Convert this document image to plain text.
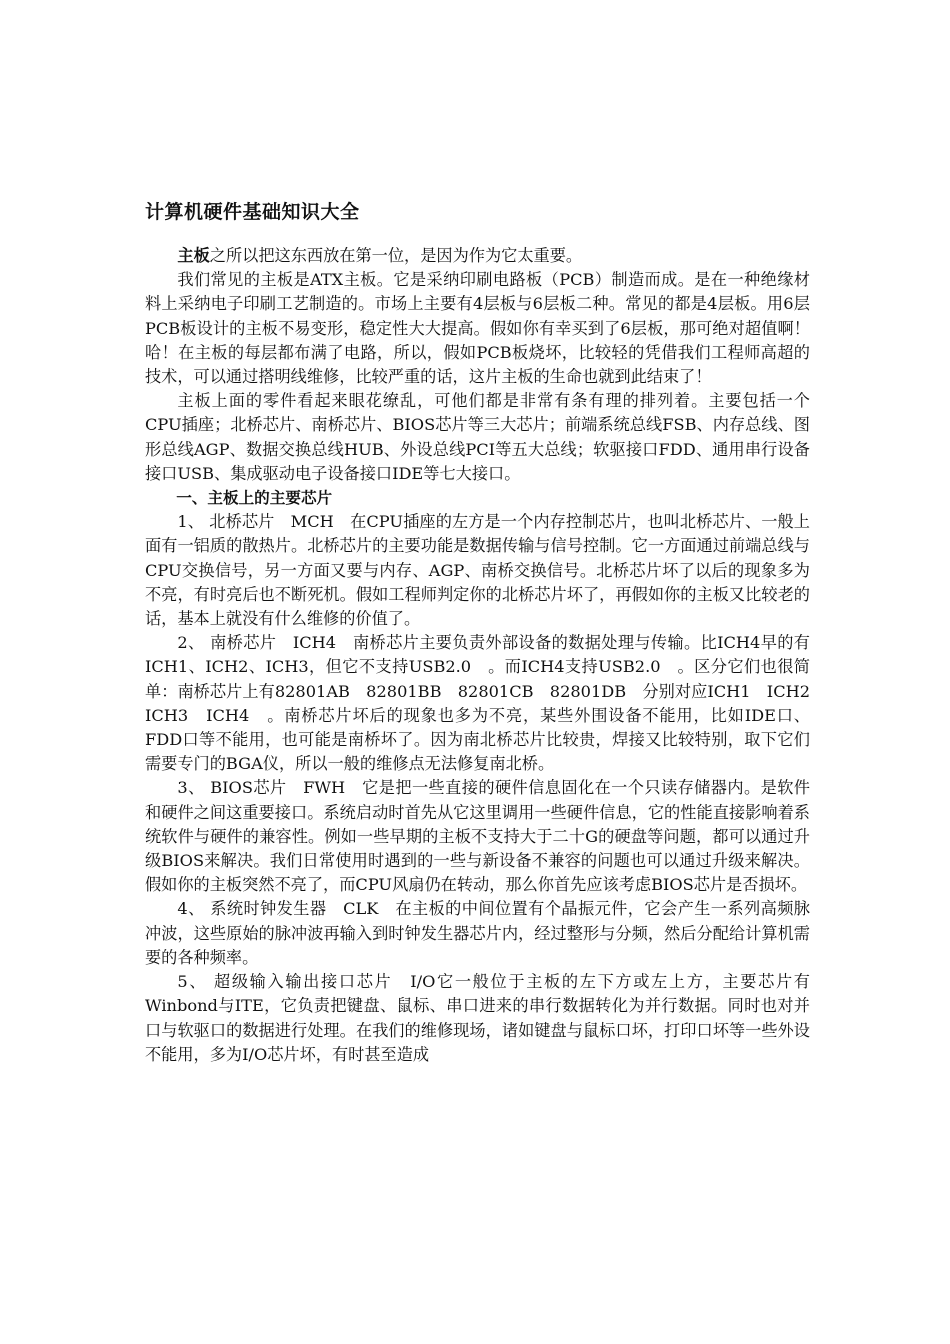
计算机硬件基础知识大全

主板之所以把这东西放在第一位，是因为作为它太重要。

我们常见的主板是ATX主板。它是采纳印刷电路板（PCB）制造而成。是在一种绝缘材料上采纳电子印刷工艺制造的。市场上主要有4层板与6层板二种。常见的都是4层板。用6层PCB板设计的主板不易变形，稳定性大大提高。假如你有幸买到了6层板，那可绝对超值啊！哈！在主板的每层都布满了电路，所以，假如PCB板烧坏，比较轻的凭借我们工程师高超的技术，可以通过搭明线维修，比较严重的话，这片主板的生命也就到此结束了！

主板上面的零件看起来眼花缭乱，可他们都是非常有条有理的排列着。主要包括一个CPU插座；北桥芯片、南桥芯片、BIOS芯片等三大芯片；前端系统总线FSB、内存总线、图形总线AGP、数据交换总线HUB、外设总线PCI等五大总线；软驱接口FDD、通用串行设备接口USB、集成驱动电子设备接口IDE等七大接口。

一、主板上的主要芯片

1、 北桥芯片　MCH　在CPU插座的左方是一个内存控制芯片，也叫北桥芯片、一般上面有一铝质的散热片。北桥芯片的主要功能是数据传输与信号控制。它一方面通过前端总线与CPU交换信号，另一方面又要与内存、AGP、南桥交换信号。北桥芯片坏了以后的现象多为不亮，有时亮后也不断死机。假如工程师判定你的北桥芯片坏了，再假如你的主板又比较老的话，基本上就没有什么维修的价值了。

2、 南桥芯片　ICH4　南桥芯片主要负责外部设备的数据处理与传输。比ICH4早的有ICH1、ICH2、ICH3，但它不支持USB2.0　。而ICH4支持USB2.0　。区分它们也很简单：南桥芯片上有82801AB　82801BB　82801CB　82801DB　分别对应ICH1　ICH2　ICH3　ICH4　。南桥芯片坏后的现象也多为不亮，某些外围设备不能用，比如IDE口、FDD口等不能用，也可能是南桥坏了。因为南北桥芯片比较贵，焊接又比较特别，取下它们需要专门的BGA仪，所以一般的维修点无法修复南北桥。

3、 BIOS芯片　FWH　它是把一些直接的硬件信息固化在一个只读存储器内。是软件和硬件之间这重要接口。系统启动时首先从它这里调用一些硬件信息，它的性能直接影响着系统软件与硬件的兼容性。例如一些早期的主板不支持大于二十G的硬盘等问题，都可以通过升级BIOS来解决。我们日常使用时遇到的一些与新设备不兼容的问题也可以通过升级来解决。假如你的主板突然不亮了，而CPU风扇仍在转动，那么你首先应该考虑BIOS芯片是否损坏。

4、 系统时钟发生器　CLK　在主板的中间位置有个晶振元件，它会产生一系列高频脉冲波，这些原始的脉冲波再输入到时钟发生器芯片内，经过整形与分频，然后分配给计算机需要的各种频率。

5、 超级输入输出接口芯片　I/O它一般位于主板的左下方或左上方，主要芯片有Winbond与ITE，它负责把键盘、鼠标、串口进来的串行数据转化为并行数据。同时也对并口与软驱口的数据进行处理。在我们的维修现场，诸如键盘与鼠标口坏，打印口坏等一些外设不能用，多为I/O芯片坏，有时甚至造成
